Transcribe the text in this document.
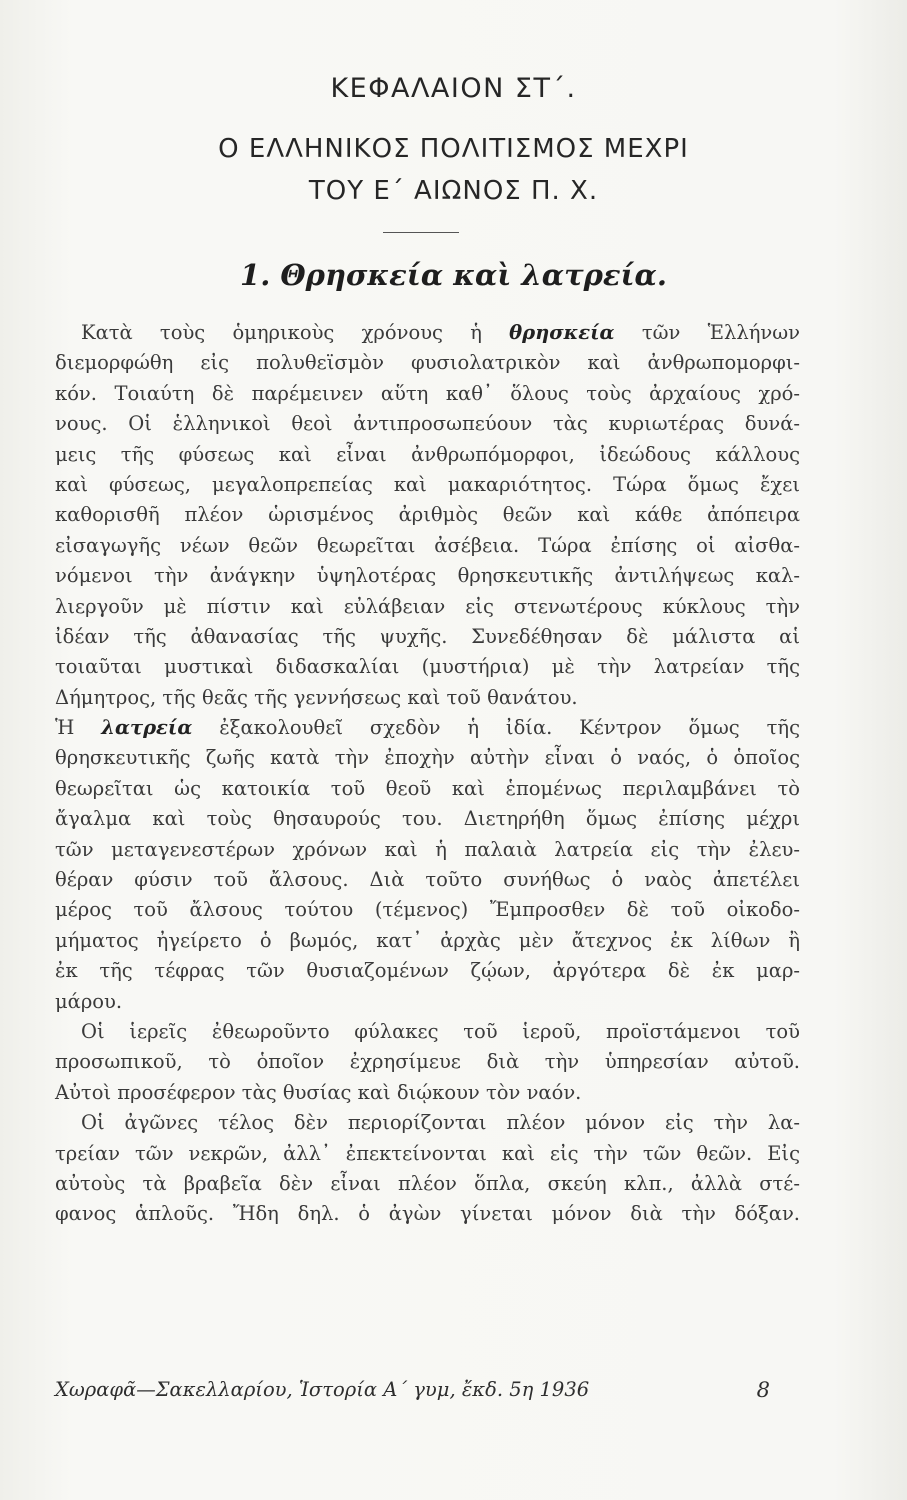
ΚΕΦΑΛΑΙΟΝ ΣΤ΄.
Ο ΕΛΛΗΝΙΚΟΣ ΠΟΛΙΤΙΣΜΟΣ ΜΕΧΡΙ
ΤΟΥ Ε΄ ΑΙΩΝΟΣ Π. Χ.
1. Θρησκεία καὶ λατρεία.
Κατὰ τοὺς ὁμηρικοὺς χρόνους ἡ θρησκεία τῶν Ἑλλήνων
διεμορφώθη εἰς πολυθεϊσμὸν φυσιολατρικὸν καὶ ἀνθρωπομορφι-
κόν. Τοιαύτη δὲ παρέμεινεν αὕτη καθ᾽ ὅλους τοὺς ἀρχαίους χρό-
νους. Οἱ ἑλληνικοὶ θεοὶ ἀντιπροσωπεύουν τὰς κυριωτέρας δυνά-
μεις τῆς φύσεως καὶ εἶναι ἀνθρωπόμορφοι, ἰδεώδους κάλλους
καὶ φύσεως, μεγαλοπρεπείας καὶ μακαριότητος. Τώρα ὅμως ἔχει
καθορισθῆ πλέον ὡρισμένος ἀριθμὸς θεῶν καὶ κάθε ἀπόπειρα
εἰσαγωγῆς νέων θεῶν θεωρεῖται ἀσέβεια. Τώρα ἐπίσης οἱ αἰσθα-
νόμενοι τὴν ἀνάγκην ὑψηλοτέρας θρησκευτικῆς ἀντιλήψεως καλ-
λιεργοῦν μὲ πίστιν καὶ εὐλάβειαν εἰς στενωτέρους κύκλους τὴν
ἰδέαν τῆς ἀθανασίας τῆς ψυχῆς. Συνεδέθησαν δὲ μάλιστα αἱ
τοιαῦται μυστικαὶ διδασκαλίαι (μυστήρια) μὲ τὴν λατρείαν τῆς
Δήμητρος, τῆς θεᾶς τῆς γεννήσεως καὶ τοῦ θανάτου.
Ἡ λατρεία ἐξακολουθεῖ σχεδὸν ἡ ἰδία. Κέντρον ὅμως τῆς
θρησκευτικῆς ζωῆς κατὰ τὴν ἐποχὴν αὐτὴν εἶναι ὁ ναός, ὁ ὁποῖος
θεωρεῖται ὡς κατοικία τοῦ θεοῦ καὶ ἑπομένως περιλαμβάνει τὸ
ἄγαλμα καὶ τοὺς θησαυρούς του. Διετηρήθη ὅμως ἐπίσης μέχρι
τῶν μεταγενεστέρων χρόνων καὶ ἡ παλαιὰ λατρεία εἰς τὴν ἐλευ-
θέραν φύσιν τοῦ ἄλσους. Διὰ τοῦτο συνήθως ὁ ναὸς ἀπετέλει
μέρος τοῦ ἄλσους τούτου (τέμενος) Ἔμπροσθεν δὲ τοῦ οἰκοδο-
μήματος ἠγείρετο ὁ βωμός, κατ᾽ ἀρχὰς μὲν ἄτεχνος ἐκ λίθων ἢ
ἐκ τῆς τέφρας τῶν θυσιαζομένων ζῴων, ἀργότερα δὲ ἐκ μαρ-
μάρου.
Οἱ ἱερεῖς ἐθεωροῦντο φύλακες τοῦ ἱεροῦ, προϊστάμενοι τοῦ
προσωπικοῦ, τὸ ὁποῖον ἐχρησίμευε διὰ τὴν ὑπηρεσίαν αὐτοῦ.
Αὐτοὶ προσέφερον τὰς θυσίας καὶ διῴκουν τὸν ναόν.
Οἱ ἀγῶνες τέλος δὲν περιορίζονται πλέον μόνον εἰς τὴν λα-
τρείαν τῶν νεκρῶν, ἀλλ᾽ ἐπεκτείνονται καὶ εἰς τὴν τῶν θεῶν. Εἰς
αὐτοὺς τὰ βραβεῖα δὲν εἶναι πλέον ὅπλα, σκεύη κλπ., ἀλλὰ στέ-
φανος ἁπλοῦς. Ἤδη δηλ. ὁ ἀγὼν γίνεται μόνον διὰ τὴν δόξαν.
Χωραφᾶ—Σακελλαρίου, Ἱστορία Α΄ γυμ, ἔκδ. 5η 1936	8
